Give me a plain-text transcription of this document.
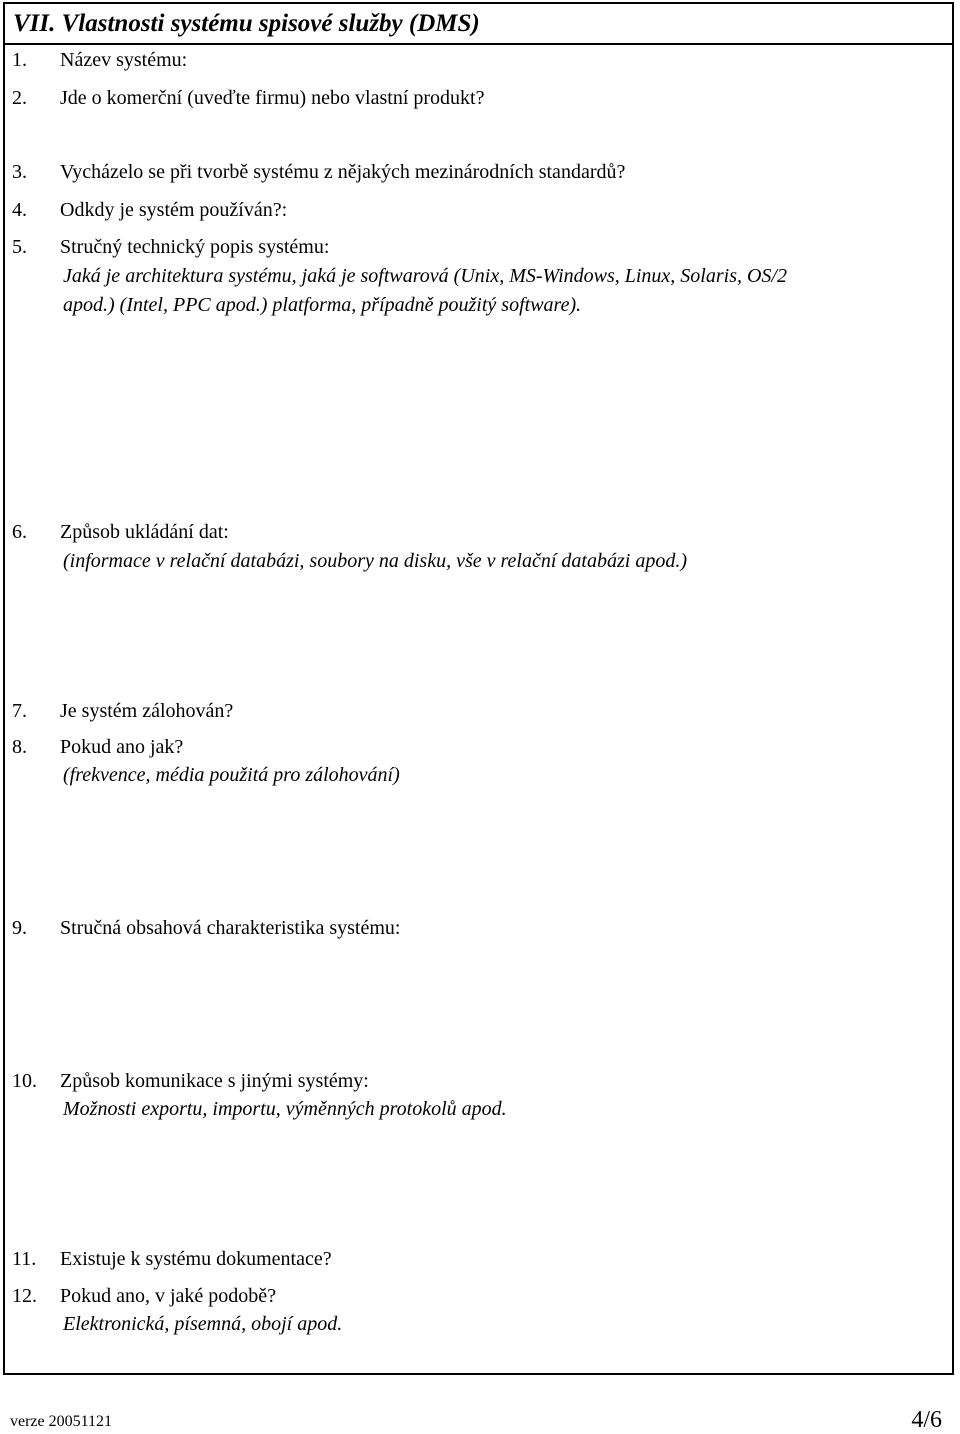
VII. Vlastnosti systému spisové služby (DMS)
1. Název systému:
2. Jde o komerční (uveďte firmu) nebo vlastní produkt?
3. Vycházelo se při tvorbě systému z nějakých mezinárodních standardů?
4. Odkdy je systém používán?:
5. Stručný technický popis systému:
Jaká je architektura systému, jaká je softwarová (Unix, MS-Windows, Linux, Solaris, OS/2
apod.) (Intel, PPC apod.) platforma, případně použitý software).
6. Způsob ukládání dat:
(informace v relační databázi, soubory na disku, vše v relační databázi apod.)
7. Je systém zálohován?
8. Pokud ano jak?
(frekvence, média použitá pro zálohování)
9. Stručná obsahová charakteristika systému:
10. Způsob komunikace s jinými systémy:
Možnosti exportu, importu, výměnných protokolů apod.
11. Existuje k systému dokumentace?
12. Pokud ano, v jaké podobě?
Elektronická, písemná, obojí apod.
verze 20051121	4/6
